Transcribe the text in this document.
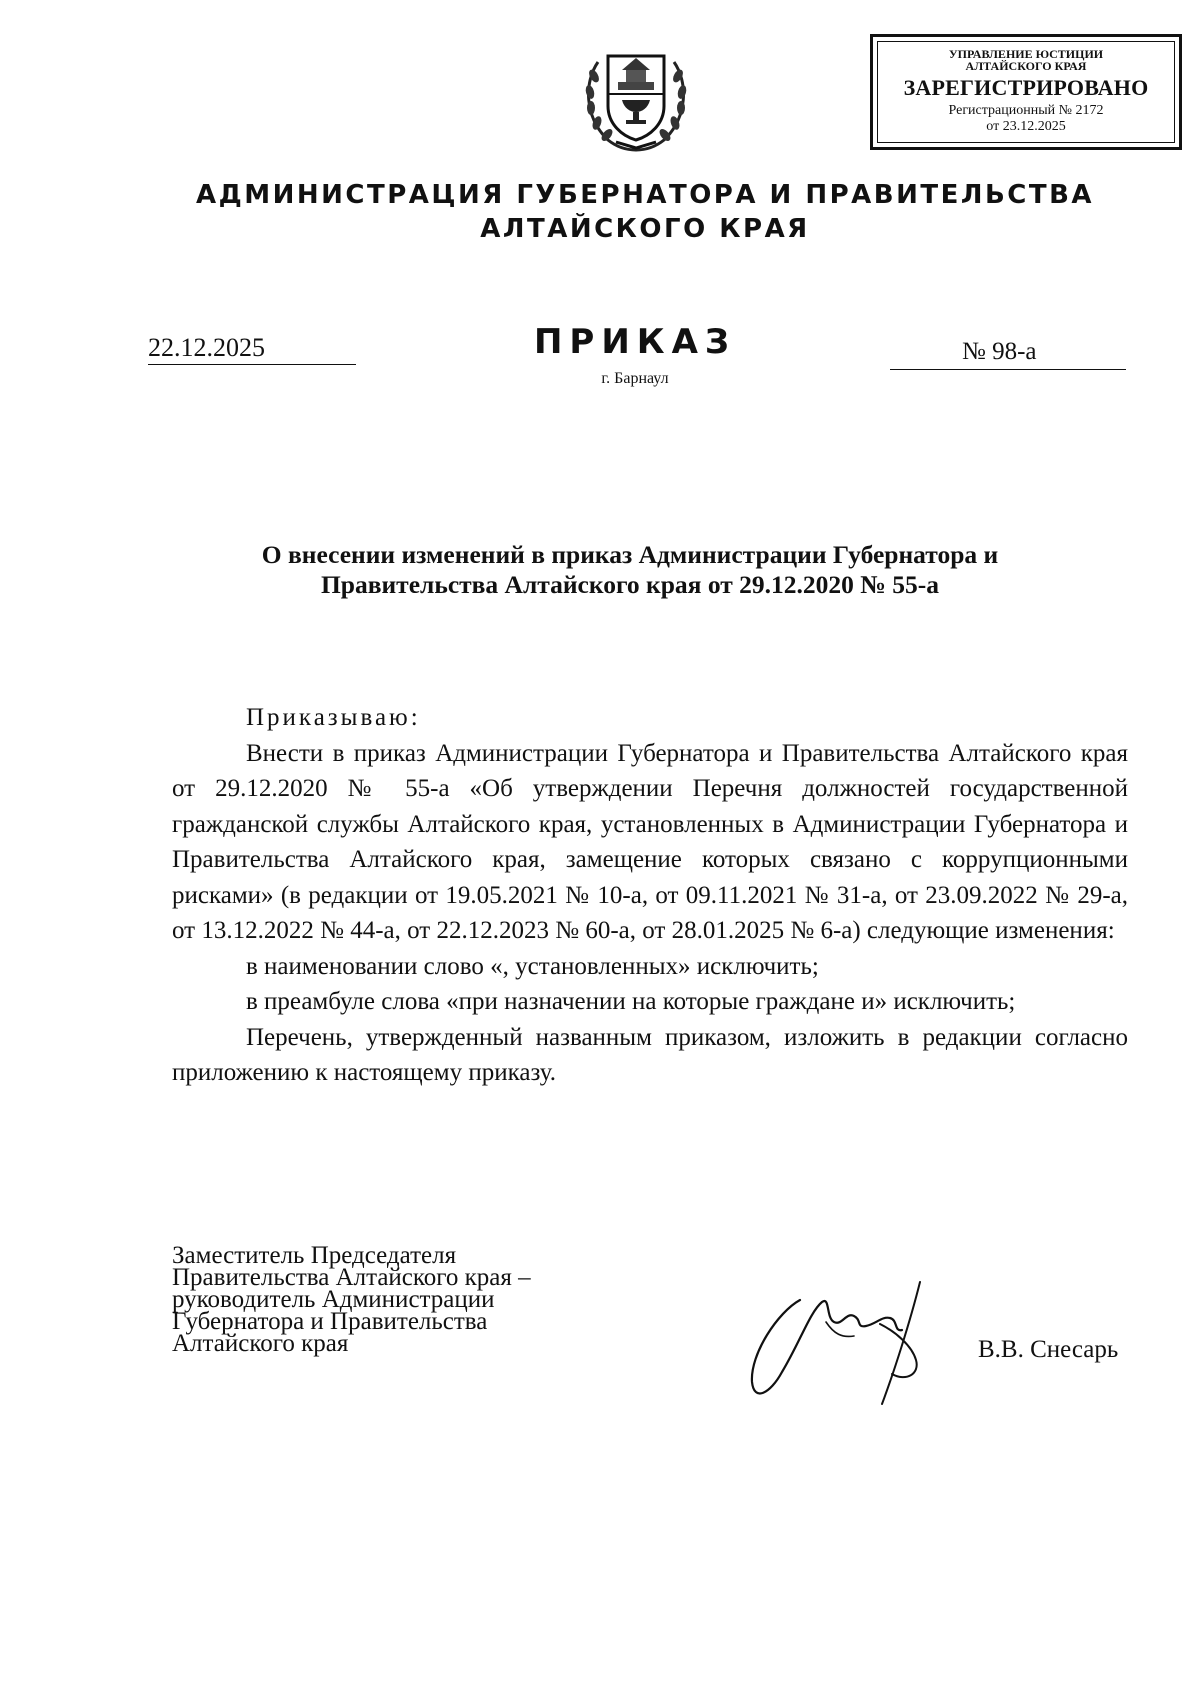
УПРАВЛЕНИЕ ЮСТИЦИИ
АЛТАЙСКОГО КРАЯ
ЗАРЕГИСТРИРОВАНО
Регистрационный № 2172
от 23.12.2025
АДМИНИСТРАЦИЯ ГУБЕРНАТОРА И ПРАВИТЕЛЬСТВА АЛТАЙСКОГО КРАЯ
22.12.2025	ПРИКАЗ
г. Барнаул
№ 98-а
О внесении изменений в приказ Администрации Губернатора и Правительства Алтайского края от 29.12.2020 № 55-а

Приказываю:

Внести в приказ Администрации Губернатора и Правительства Алтайского края от 29.12.2020 № 55-а «Об утверждении Перечня должностей государственной гражданской службы Алтайского края, установленных в Администрации Губернатора и Правительства Алтайского края, замещение которых связано с коррупционными рисками» (в редакции от 19.05.2021 № 10-а, от 09.11.2021 № 31-а, от 23.09.2022 № 29-а, от 13.12.2022 № 44-а, от 22.12.2023 № 60-а, от 28.01.2025 № 6-а) следующие изменения:

в наименовании слово «, установленных» исключить;

в преамбуле слова «при назначении на которые граждане и» исключить;

Перечень, утвержденный названным приказом, изложить в редакции согласно приложению к настоящему приказу.

Заместитель Председателя
Правительства Алтайского края –
руководитель Администрации
Губернатора и Правительства
Алтайского края	В.В. Снесарь
